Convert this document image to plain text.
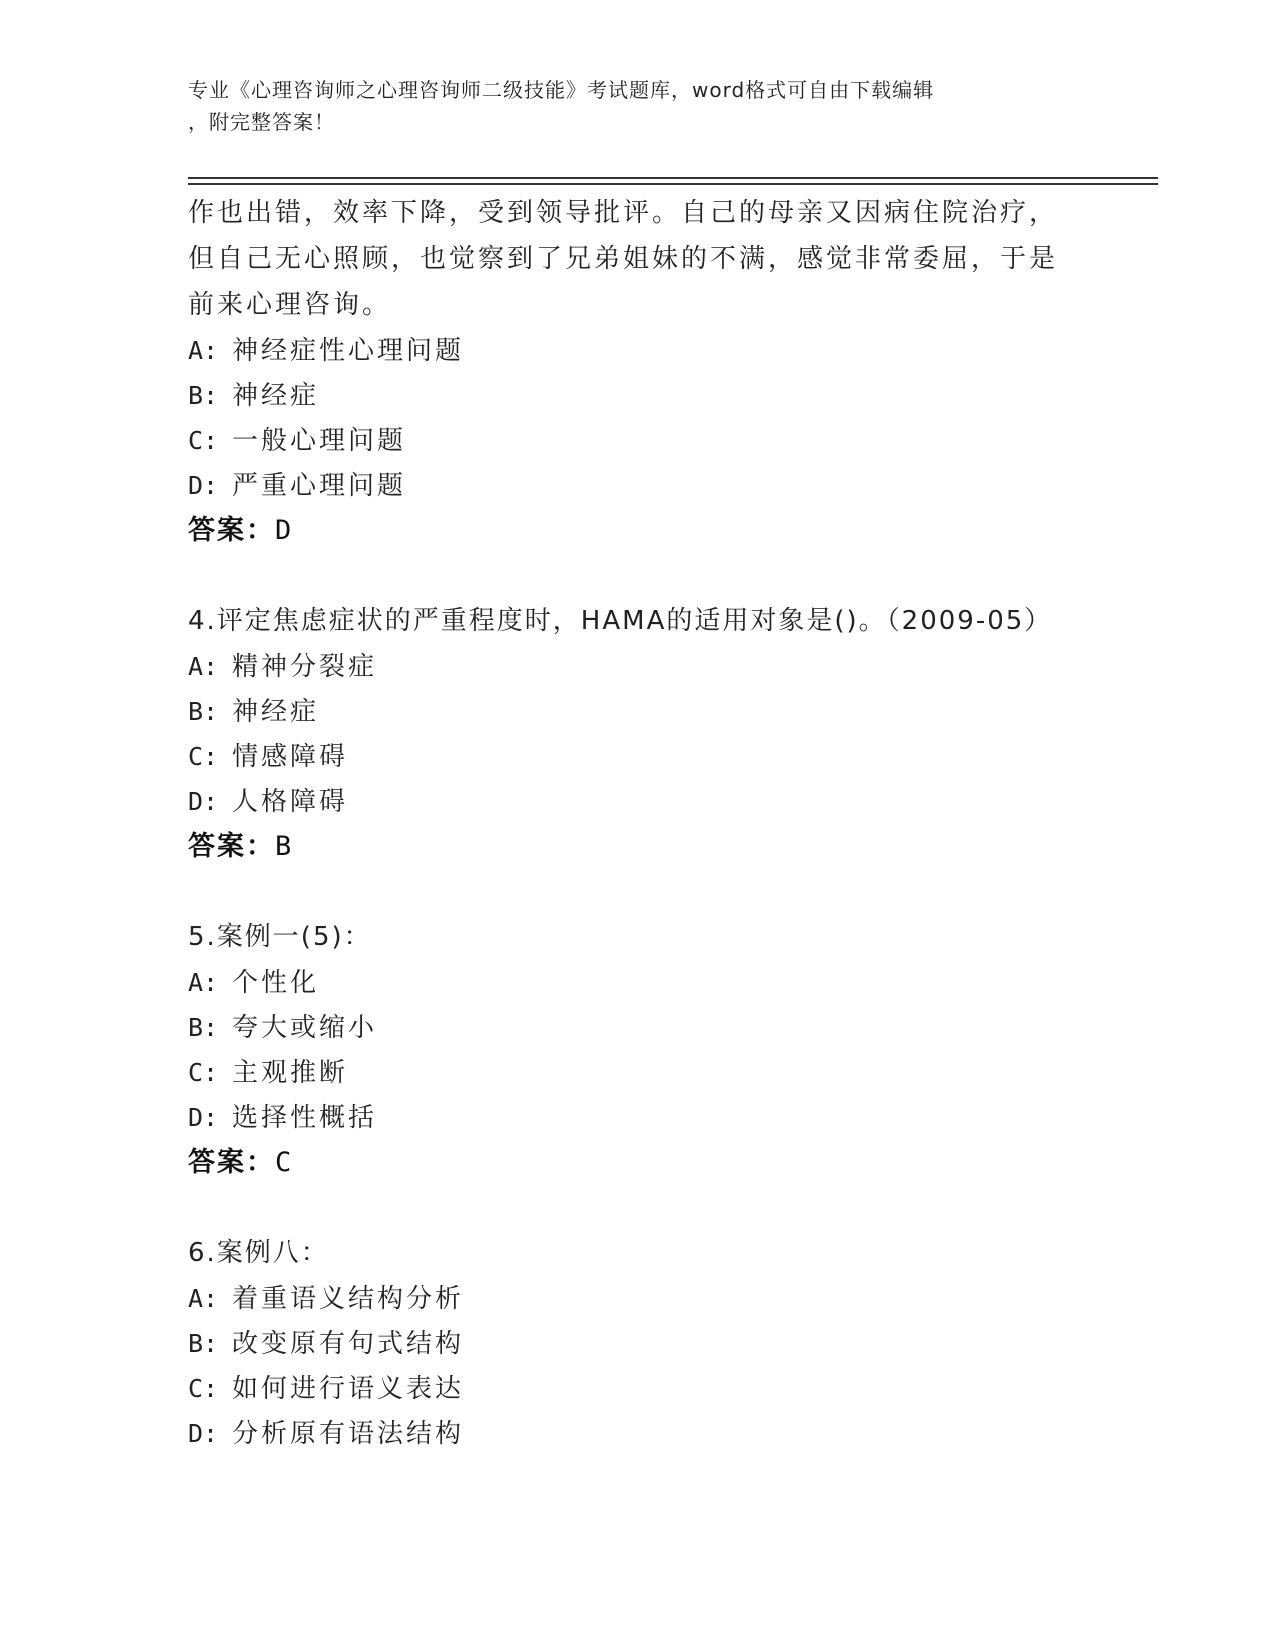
专业《心理咨询师之心理咨询师二级技能》考试题库，word格式可自由下载编辑
，附完整答案！
作也出错，效率下降，受到领导批评。自己的母亲又因病住院治疗，
但自己无心照顾，也觉察到了兄弟姐妹的不满，感觉非常委屈，于是
前来心理咨询。
A: 神经症性心理问题
B: 神经症
C: 一般心理问题
D: 严重心理问题
答案：D
4.评定焦虑症状的严重程度时，HAMA的适用对象是()。（2009-05）
A: 精神分裂症
B: 神经症
C: 情感障碍
D: 人格障碍
答案：B
5.案例一(5)：
A: 个性化
B: 夸大或缩小
C: 主观推断
D: 选择性概括
答案：C
6.案例八：
A: 着重语义结构分析
B: 改变原有句式结构
C: 如何进行语义表达
D: 分析原有语法结构
